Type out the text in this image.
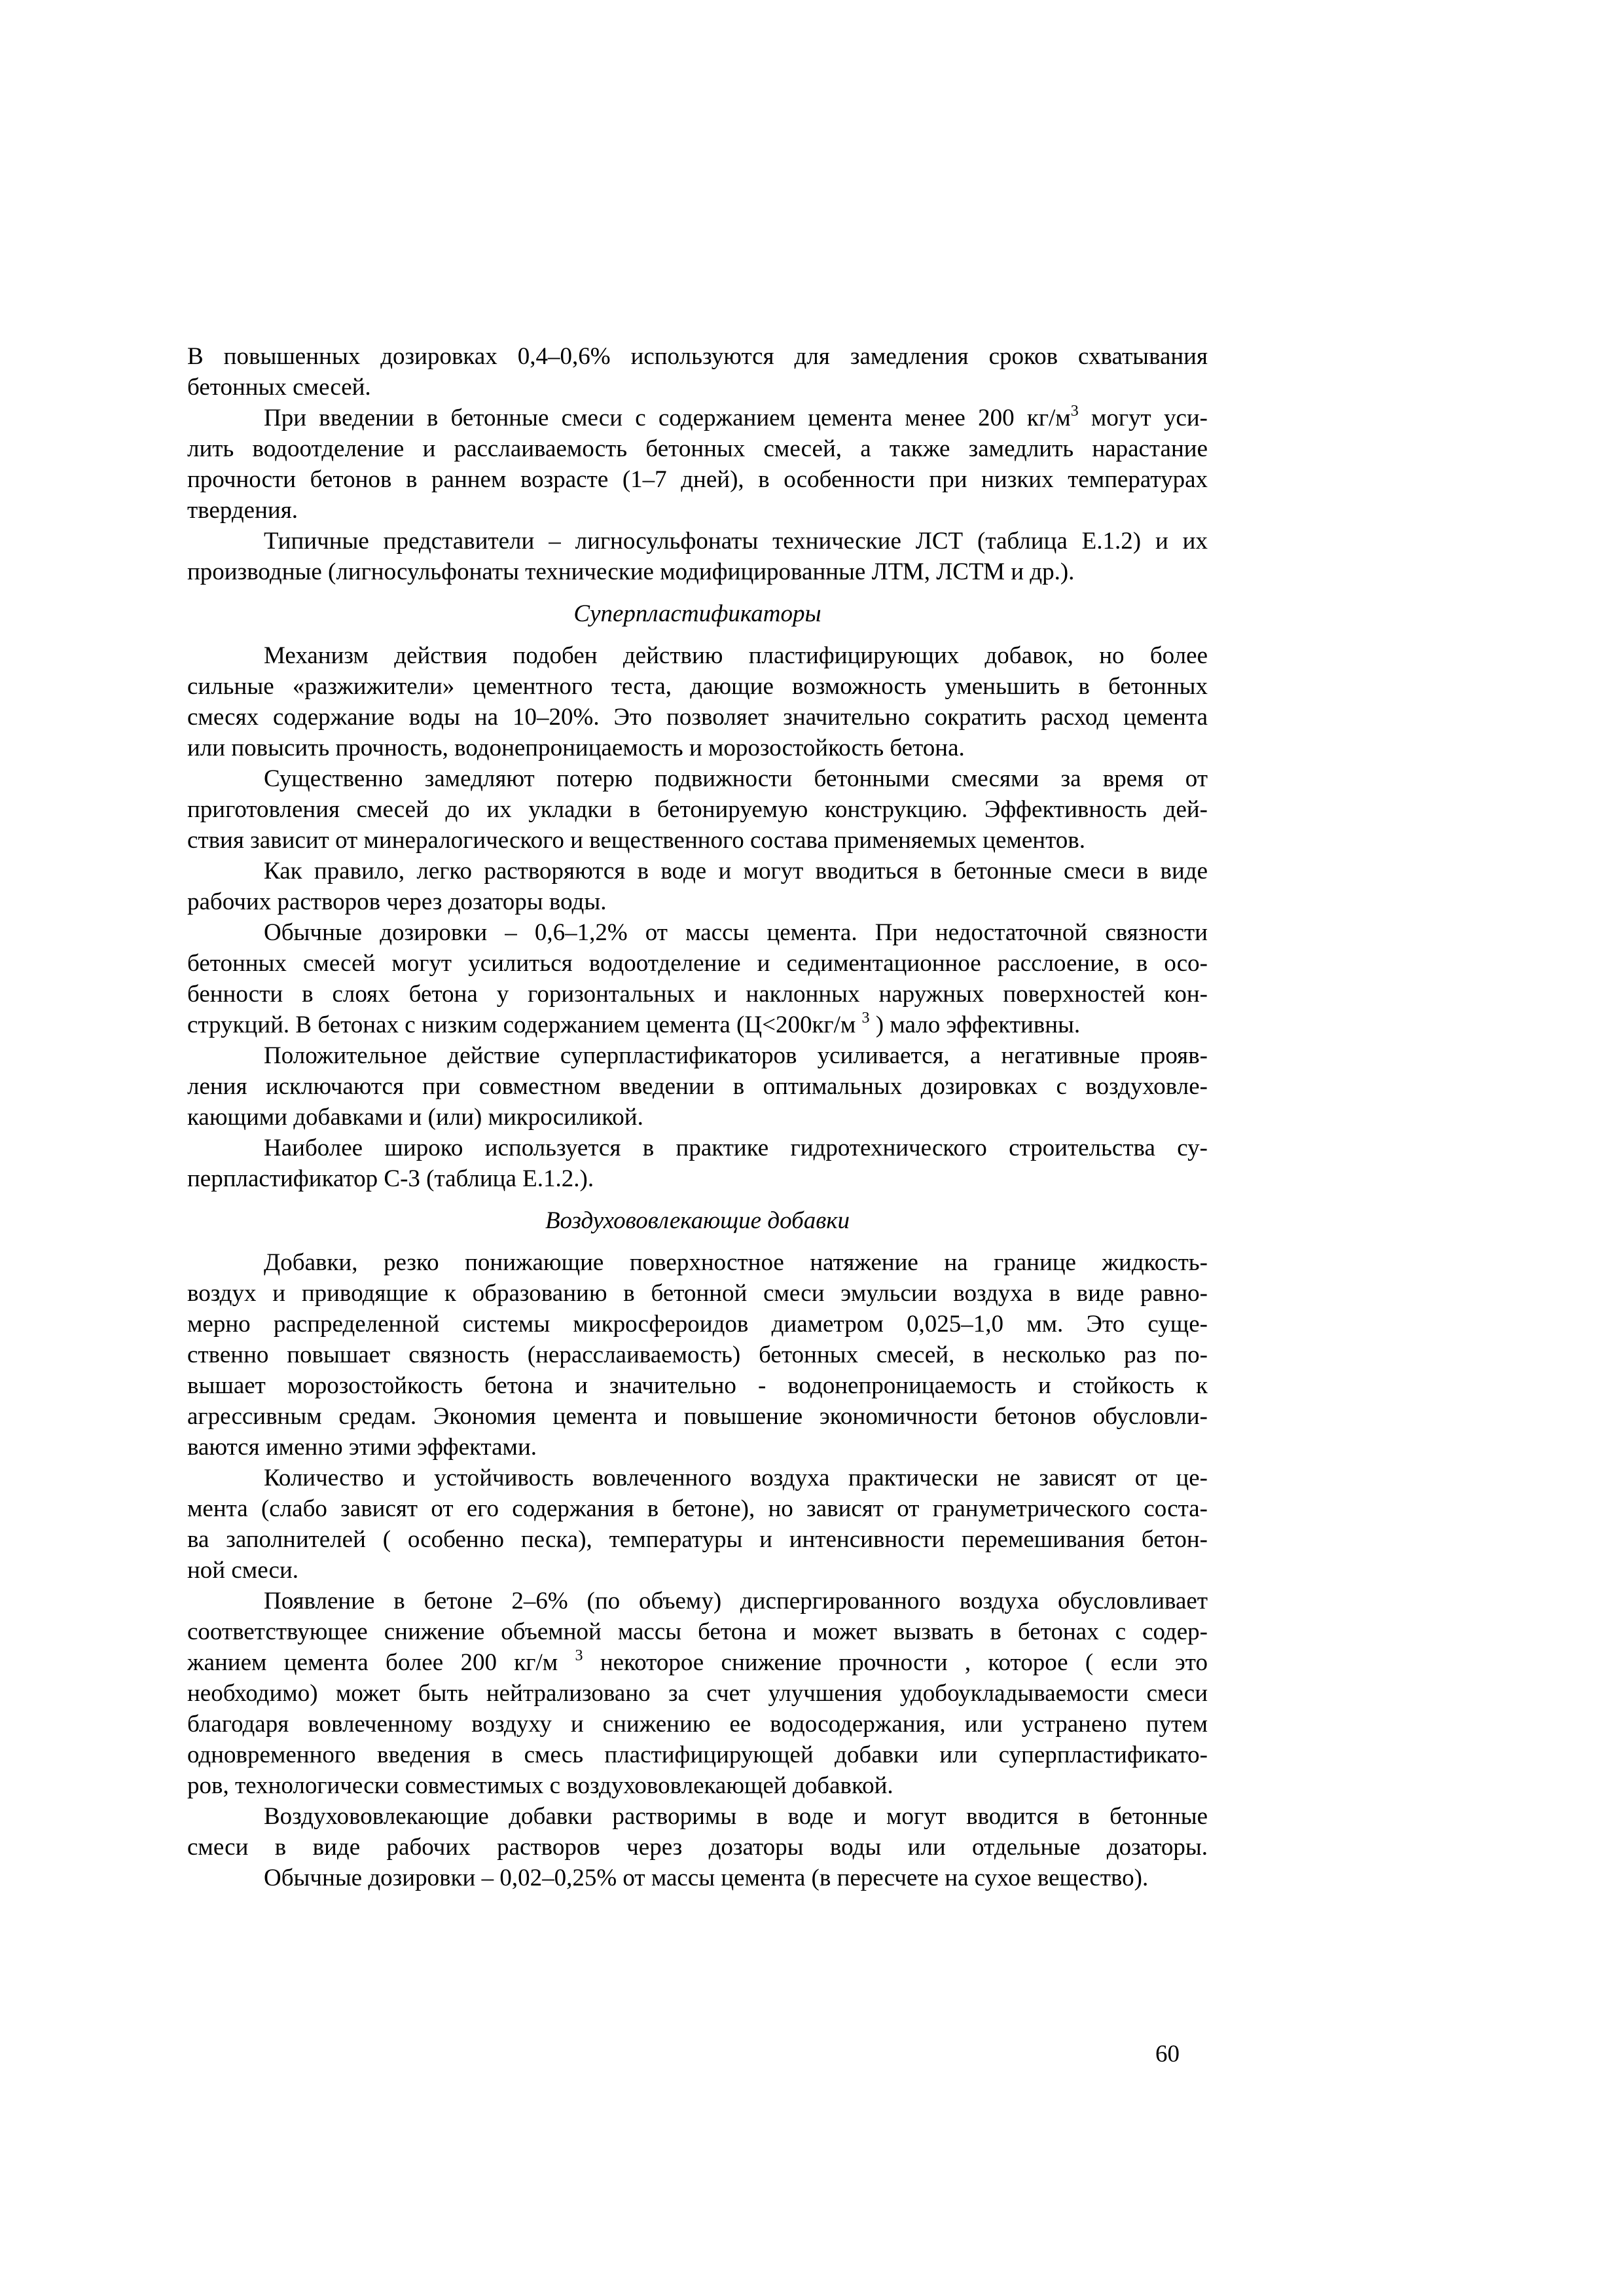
В повышенных дозировках 0,4–0,6% используются для замедления сроков схватывания
бетонных смесей.
При введении в бетонные смеси с содержанием цемента менее 200 $кг/м^3$ могут уси-
лить водоотделение и расслаиваемость бетонных смесей, а также замедлить нарастание
прочности бетонов в раннем возрасте (1–7 дней), в особенности при низких температурах
твердения.
Типичные представители – лигносульфонаты технические ЛСТ (таблица Е.1.2) и их
производные (лигносульфонаты технические модифицированные ЛТМ, ЛСТМ и др.).
Суперпластификаторы
Механизм действия подобен действию пластифицирующих добавок, но более
сильные «разжижители» цементного теста, дающие возможность уменьшить в бетонных
смесях содержание воды на 10–20%. Это позволяет значительно сократить расход цемента
или повысить прочность, водонепроницаемость и морозостойкость бетона.
Существенно замедляют потерю подвижности бетонными смесями за время от
приготовления смесей до их укладки в бетонируемую конструкцию. Эффективность дей-
ствия зависит от минералогического и вещественного состава применяемых цементов.
Как правило, легко растворяются в воде и могут вводиться в бетонные смеси в виде
рабочих растворов через дозаторы воды.
Обычные дозировки – 0,6–1,2% от массы цемента. При недостаточной связности
бетонных смесей могут усилиться водоотделение и седиментационное расслоение, в осо-
бенности в слоях бетона у горизонтальных и наклонных наружных поверхностей кон-
струкций. В бетонах с низким содержанием цемента (Ц<200кг/м $^3$ ) мало эффективны.
Положительное действие суперпластификаторов усиливается, а негативные прояв-
ления исключаются при совместном введении в оптимальных дозировках с воздуховле-
кающими добавками и (или) микросиликой.
Наиболее широко используется в практике гидротехнического строительства су-
перпластификатор С-3 (таблица Е.1.2.).
Воздухововлекающие добавки
Добавки, резко понижающие поверхностное натяжение на границе жидкость-
воздух и приводящие к образованию в бетонной смеси эмульсии воздуха в виде равно-
мерно распределенной системы микросфероидов диаметром 0,025–1,0 мм. Это суще-
ственно повышает связность (нерасслаиваемость) бетонных смесей, в несколько раз по-
вышает морозостойкость бетона и значительно - водонепроницаемость и стойкость к
агрессивным средам. Экономия цемента и повышение экономичности бетонов обусловли-
ваются именно этими эффектами.
Количество и устойчивость вовлеченного воздуха практически не зависят от це-
мента (слабо зависят от его содержания в бетоне), но зависят от грануметрического соста-
ва заполнителей ( особенно песка), температуры и интенсивности перемешивания бетон-
ной смеси.
Появление в бетоне 2–6% (по объему) диспергированного воздуха обусловливает
соответствующее снижение объемной массы бетона и может вызвать в бетонах с содер-
жанием цемента более 200 кг/м $^3$ некоторое снижение прочности , которое ( если это
необходимо) может быть нейтрализовано за счет улучшения удобоукладываемости смеси
благодаря вовлеченному воздуху и снижению ее водосодержания, или устранено путем
одновременного введения в смесь пластифицирующей добавки или суперпластификато-
ров, технологически совместимых с воздухововлекающей добавкой.
Воздухововлекающие добавки растворимы в воде и могут вводится в бетонные
смеси в виде рабочих растворов через дозаторы воды или отдельные дозаторы.
Обычные дозировки – 0,02–0,25% от массы цемента (в пересчете на сухое вещество).
60
